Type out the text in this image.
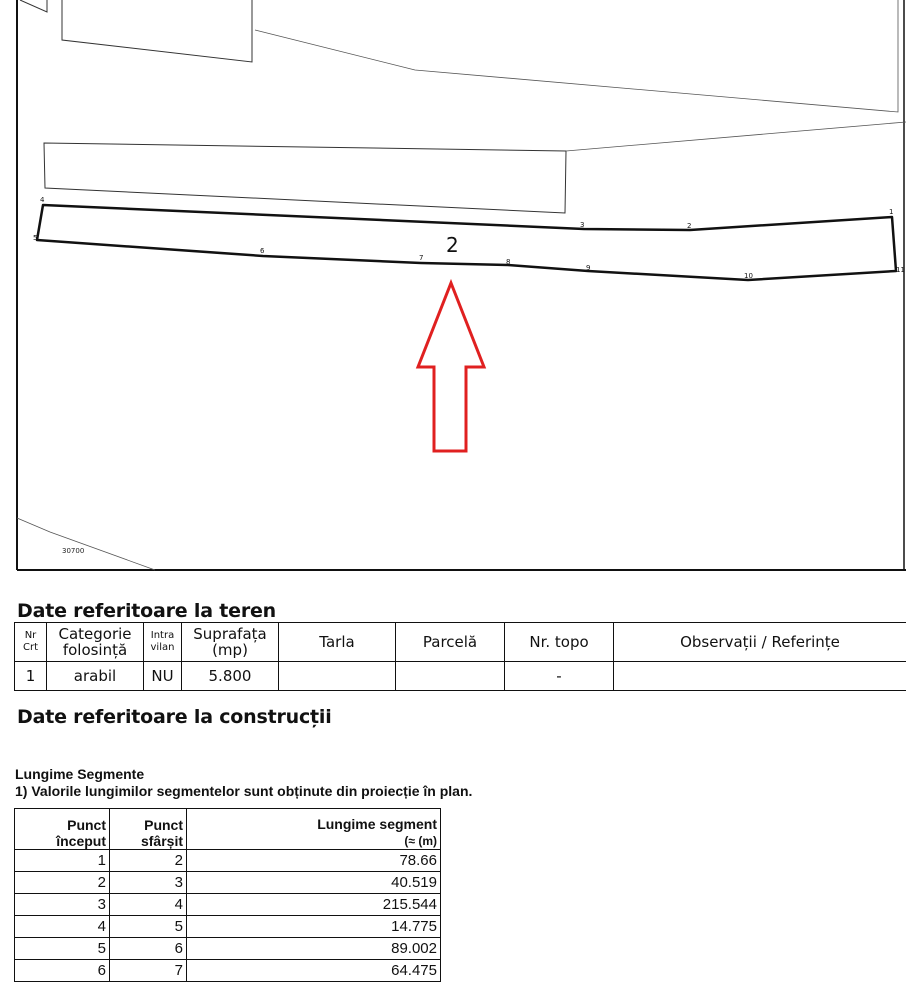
30700
1
2
3
4
5
6
7	8
9
10
11
2
Date referitoare la teren
Nr Crt	Categorie folosință	Intra vilan	Suprafața (mp)	Tarla	Parcelă	Nr. topo	Observații / Referințe
1	arabil	NU	5.800			-	
Date referitoare la construcții

Lungime Segmente

1) Valorile lungimilor segmentelor sunt obținute din proiecție în plan.

Punct început	Punct sfârșit	Lungime segment
(≈ (m)
1	2	78.66
2	3	40.519
3	4	215.544
4	5	14.775
5	6	89.002
6	7	64.475
